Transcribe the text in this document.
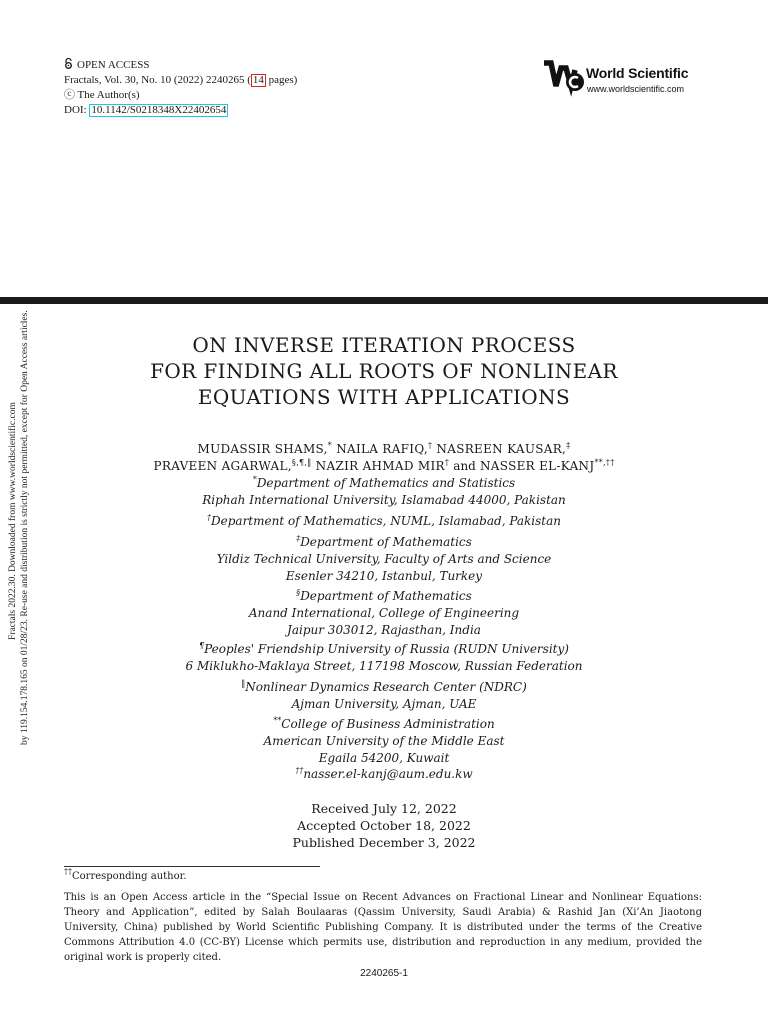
OPEN ACCESS
Fractals, Vol. 30, No. 10 (2022) 2240265 ( 14 pages)
ⓒ The Author(s)
DOI: 10.1142/S0218348X22402654
World Scientific
www.worldscientific.com
Fractals 2022.30. Downloaded from www.worldscientific.com by 119.154.178.165 on 01/28/23. Re-use and distribution is strictly not permitted, except for Open Access articles.	ON INVERSE ITERATION PROCESS
FOR FINDING ALL ROOTS OF NONLINEAR
EQUATIONS WITH APPLICATIONS
MUDASSIR SHAMS,* NAILA RAFIQ,† NASREEN KAUSAR,‡
PRAVEEN AGARWAL,§,¶,‖ NAZIR AHMAD MIR† and NASSER EL-KANJ**,††
*Department of Mathematics and Statistics
Riphah International University, Islamabad 44000, Pakistan
†Department of Mathematics, NUML, Islamabad, Pakistan
‡Department of Mathematics
Yildiz Technical University, Faculty of Arts and Science
Esenler 34210, Istanbul, Turkey
§Department of Mathematics
Anand International, College of Engineering
Jaipur 303012, Rajasthan, India
¶Peoples' Friendship University of Russia (RUDN University)
6 Miklukho-Maklaya Street, 117198 Moscow, Russian Federation
‖Nonlinear Dynamics Research Center (NDRC)
Ajman University, Ajman, UAE
**College of Business Administration
American University of the Middle East
Egaila 54200, Kuwait
††nasser.el-kanj@aum.edu.kw
Received July 12, 2022
Accepted October 18, 2022
Published December 3, 2022
††Corresponding author.
This is an Open Access article in the “Special Issue on Recent Advances on Fractional Linear and Nonlinear Equations: Theory and Application”, edited by Salah Boulaaras (Qassim University, Saudi Arabia) & Rashid Jan (Xi’An Jiaotong University, China) published by World Scientific Publishing Company. It is distributed under the terms of the Creative Commons Attribution 4.0 (CC-BY) License which permits use, distribution and reproduction in any medium, provided the original work is properly cited.
2240265-1
